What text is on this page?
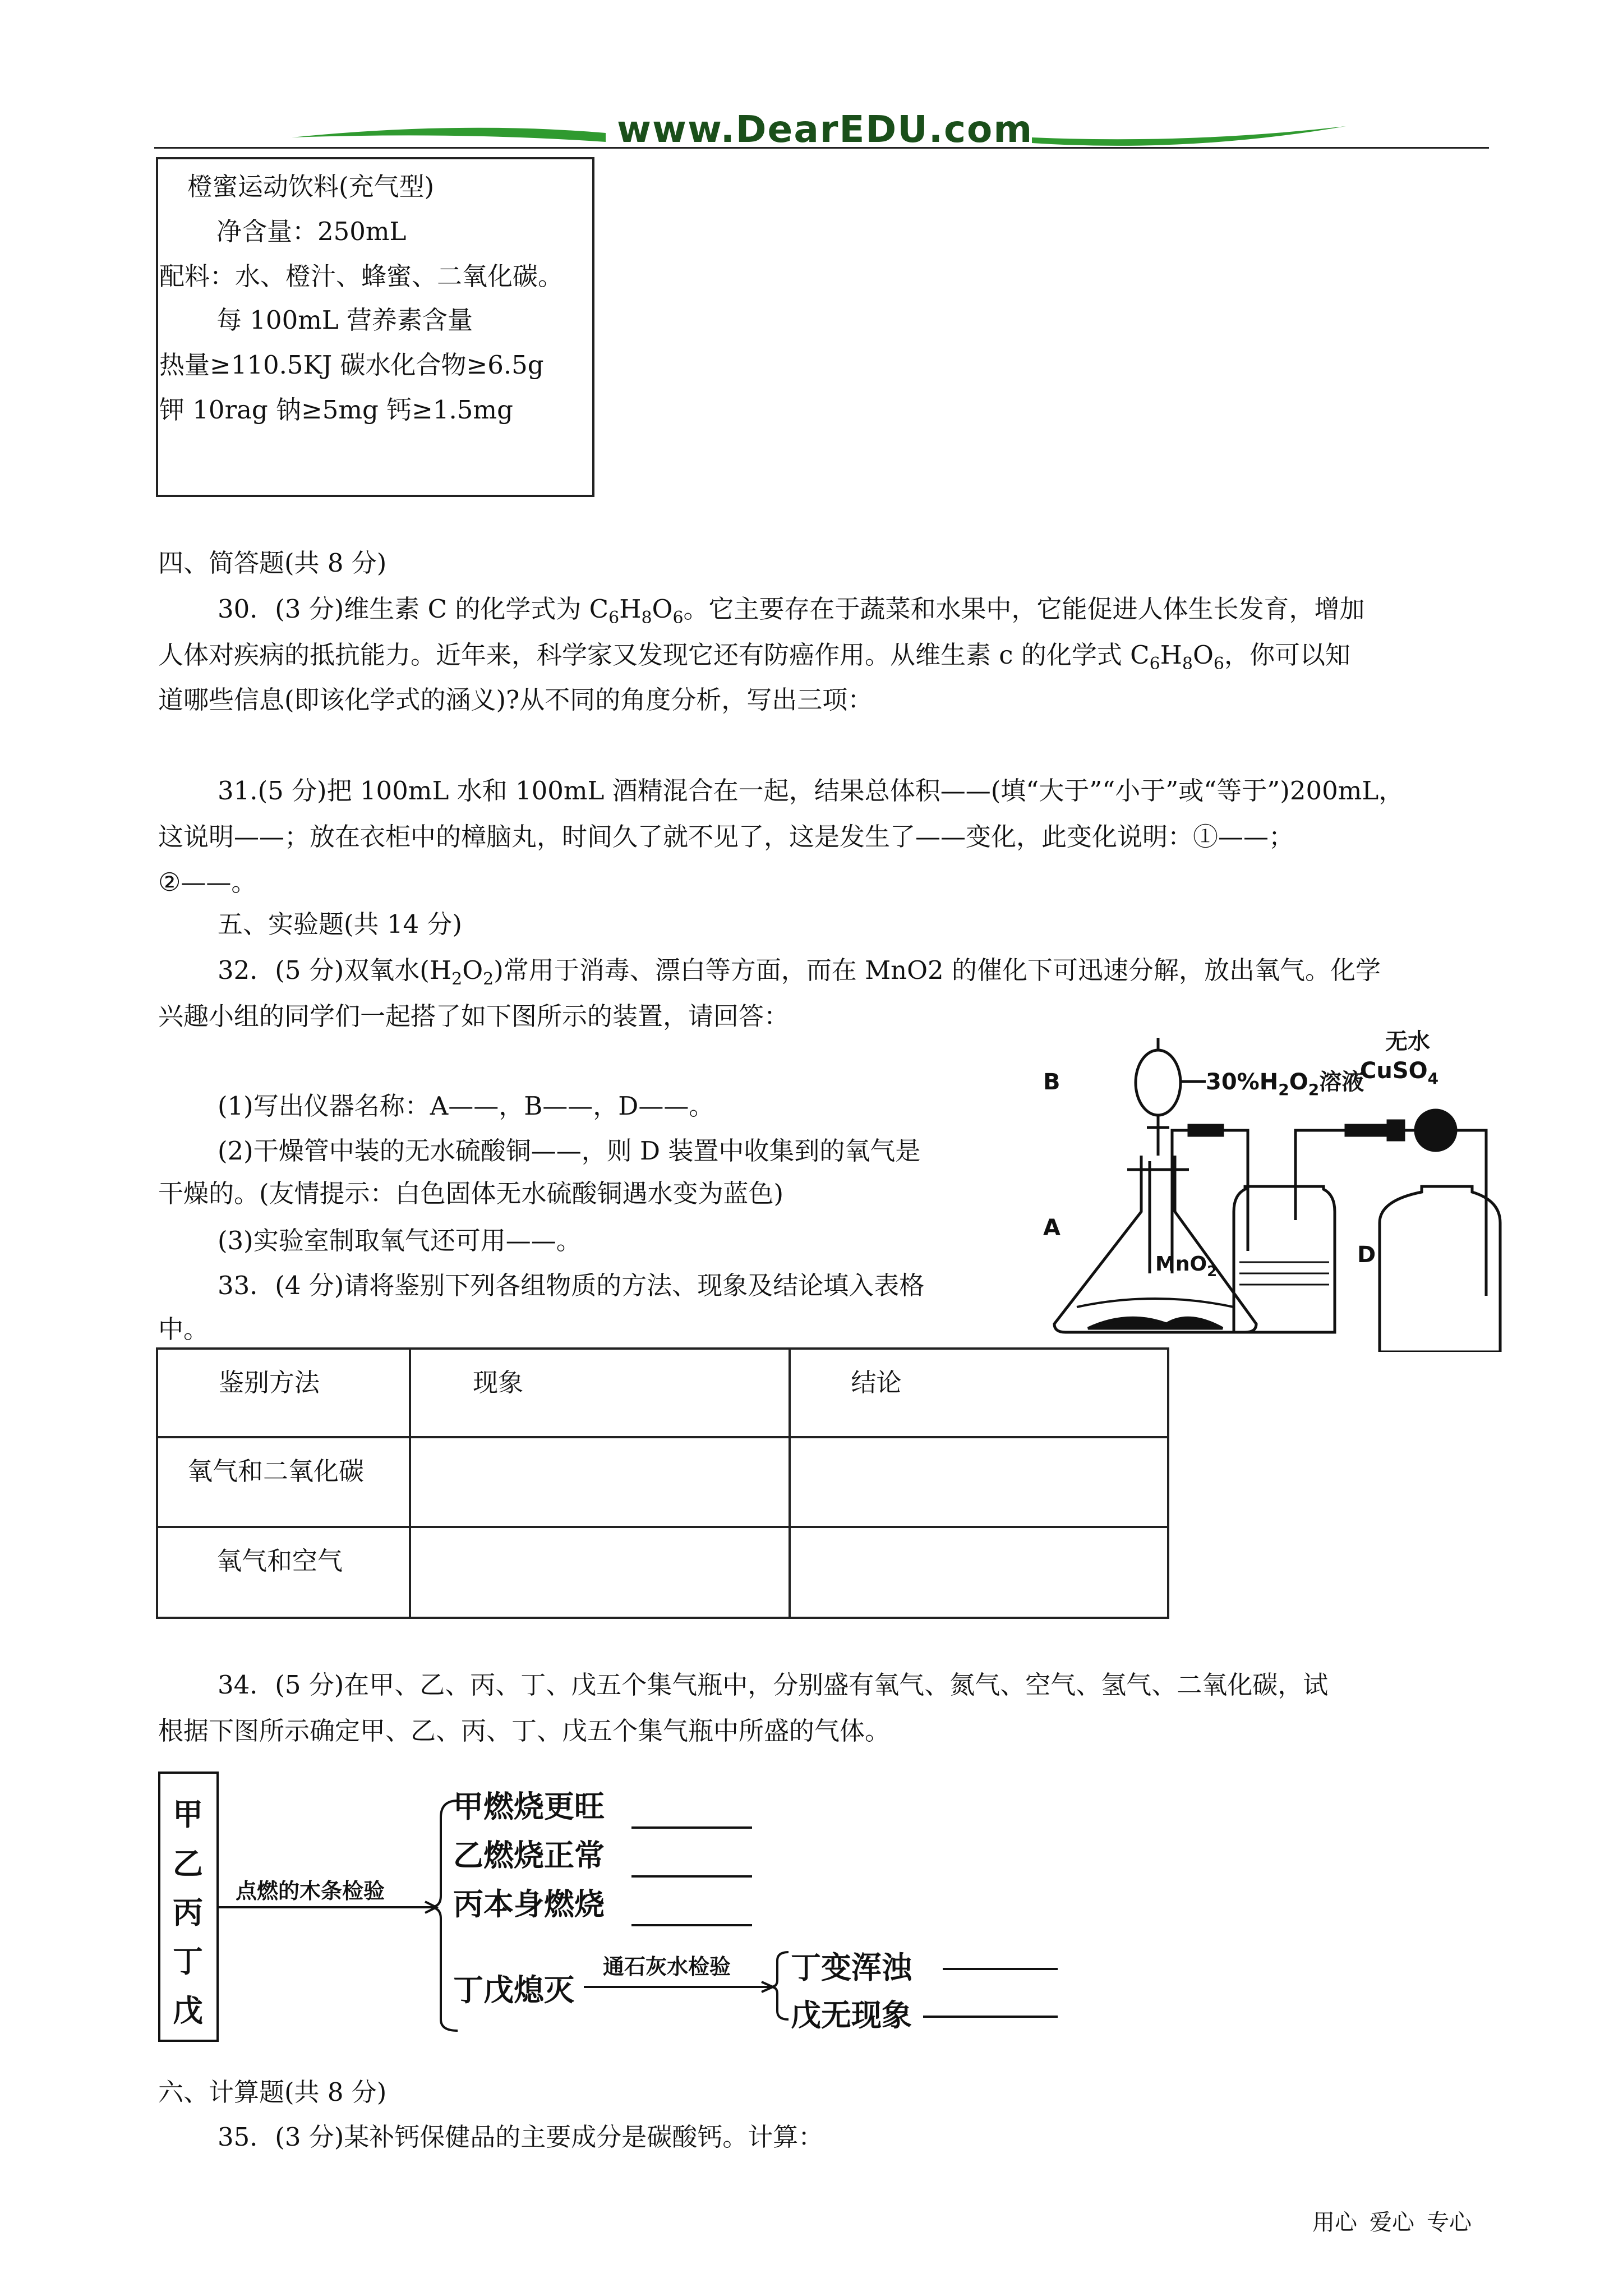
www.DearEDU.com
橙蜜运动饮料(充气型)
净含量：250mL
配料：水、橙汁、蜂蜜、二氧化碳。
每 100mL 营养素含量
热量≥110.5KJ 碳水化合物≥6.5g
钾 10rag 钠≥5mg 钙≥1.5mg
四、简答题(共 8 分)
30．(3 分)维生素 C 的化学式为 $C_6H_8O_6$。它主要存在于蔬菜和水果中，它能促进人体生长发育，增加
人体对疾病的抵抗能力。近年来，科学家又发现它还有防癌作用。从维生素 c 的化学式 $C_6H_8O_6$，你可以知
道哪些信息(即该化学式的涵义)?从不同的角度分析，写出三项：
31.(5 分)把 100mL 水和 100mL 酒精混合在一起，结果总体积——(填“大于”“小于”或“等于”)200mL，
这说明——；放在衣柜中的樟脑丸，时间久了就不见了，这是发生了——变化，此变化说明：①——；
②——。
五、实验题(共 14 分)
32．(5 分)双氧水$(H_2O_2)$常用于消毒、漂白等方面，而在 MnO2 的催化下可迅速分解，放出氧气。化学
兴趣小组的同学们一起搭了如下图所示的装置，请回答：
(1)写出仪器名称：A——，B——，D——。
(2)干燥管中装的无水硫酸铜——，则 D 装置中收集到的氧气是
干燥的。(友情提示：白色固体无水硫酸铜遇水变为蓝色)
(3)实验室制取氧气还可用——。
33．(4 分)请将鉴别下列各组物质的方法、现象及结论填入表格
中。
B	$30\%H_2O_2$溶液
A
MnO$_2$
无水
CuSO$_4$
D
鉴别方法	现象	结论

氧气和二氧化碳		

氧气和空气		

34．(5 分)在甲、乙、丙、丁、戊五个集气瓶中，分别盛有氧气、氮气、空气、氢气、二氧化碳，试
根据下图所示确定甲、乙、丙、丁、戊五个集气瓶中所盛的气体。
甲
乙
丙
丁
戊
点燃的木条检验
甲燃烧更旺
乙燃烧正常
丙本身燃烧
丁戊熄灭
通石灰水检验 丁变浑浊
戊无现象
六、计算题(共 8 分)
35．(3 分)某补钙保健品的主要成分是碳酸钙。计算：
用心 爱心 专心
